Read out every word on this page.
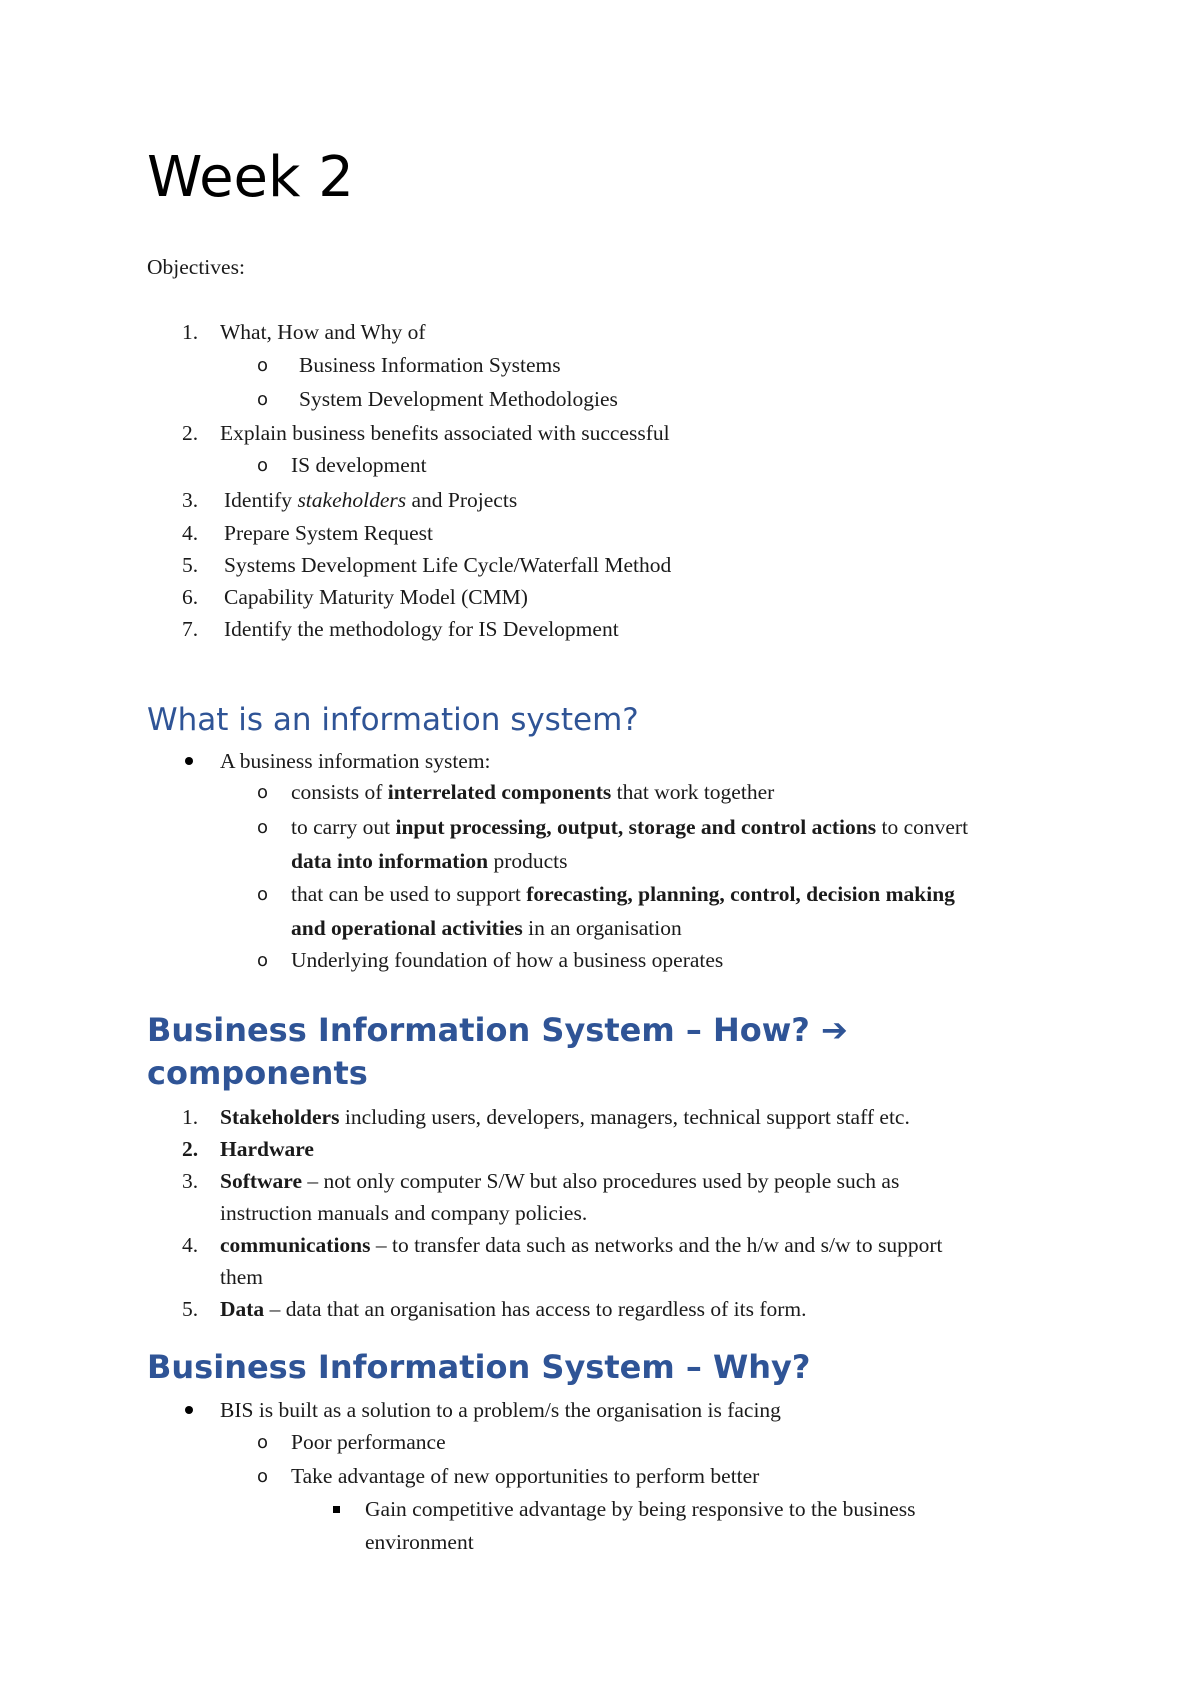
Week 2
Objectives:
1. What, How and Why of
o Business Information Systems
o System Development Methodologies
2. Explain business benefits associated with successful
o IS development
3. Identify stakeholders and Projects
4. Prepare System Request
5. Systems Development Life Cycle/Waterfall Method
6. Capability Maturity Model (CMM)
7. Identify the methodology for IS Development
What is an information system?
A business information system:
o consists of interrelated components that work together
o to carry out input processing, output, storage and control actions to convert
data into information products
o that can be used to support forecasting, planning, control, decision making
and operational activities in an organisation
o Underlying foundation of how a business operates
Business Information System – How? ➔
components
1. Stakeholders including users, developers, managers, technical support staff etc.
2. Hardware
3. Software – not only computer S/W but also procedures used by people such as
instruction manuals and company policies.
4. communications – to transfer data such as networks and the h/w and s/w to support
them
5. Data – data that an organisation has access to regardless of its form.
Business Information System – Why?
BIS is built as a solution to a problem/s the organisation is facing
o Poor performance
o Take advantage of new opportunities to perform better
Gain competitive advantage by being responsive to the business
environment
